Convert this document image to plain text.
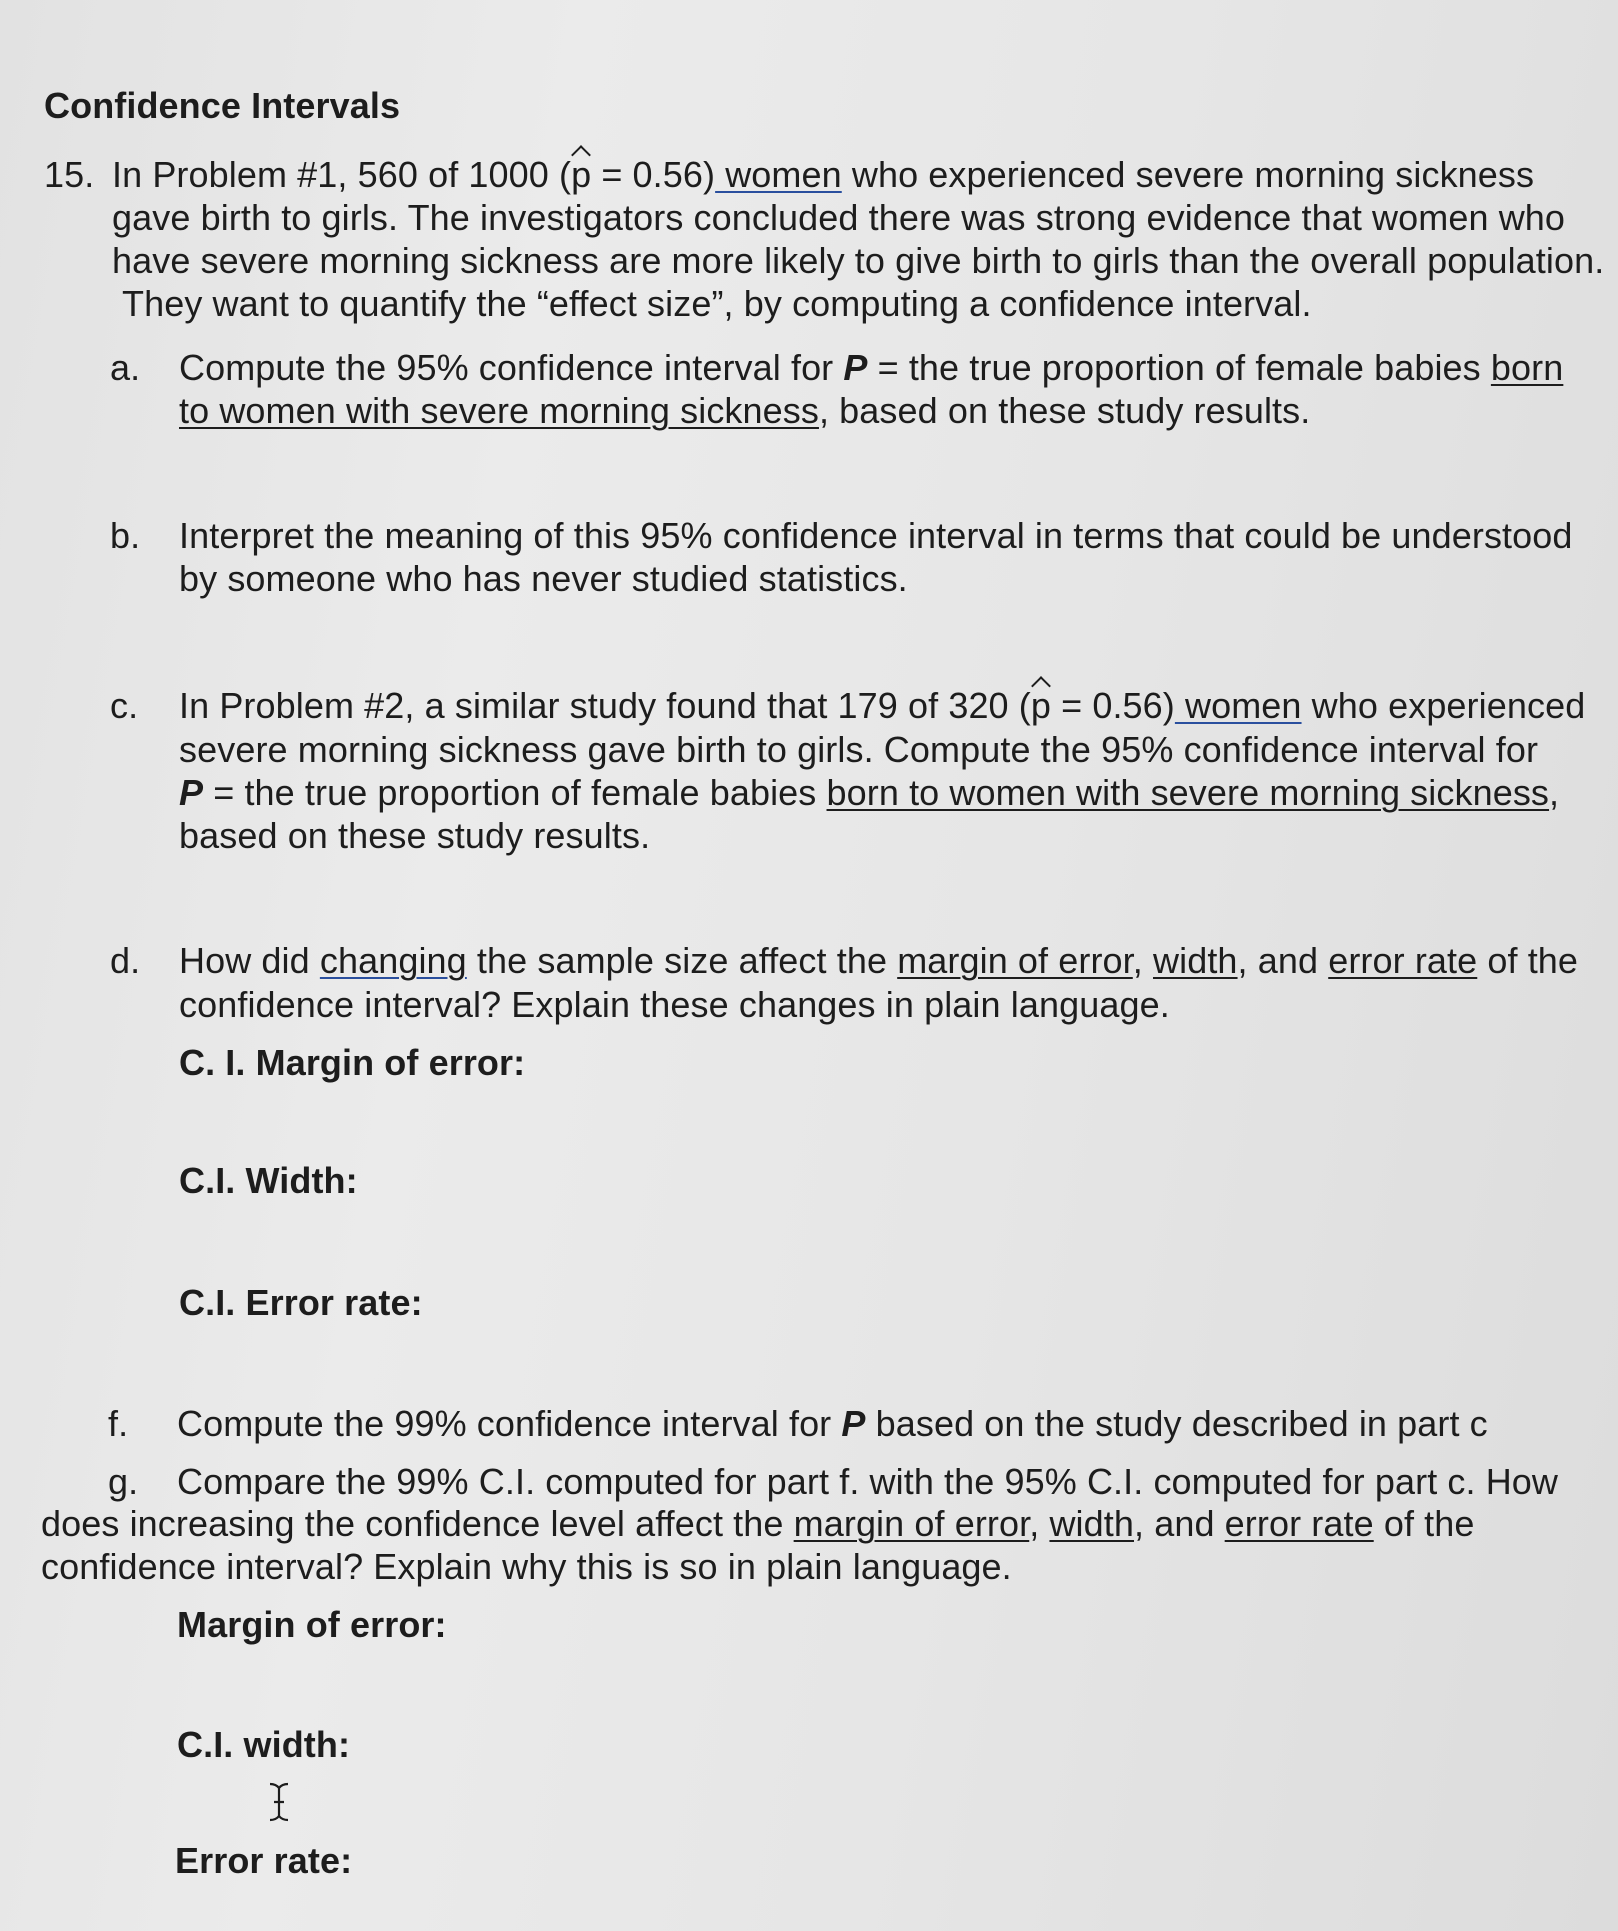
Confidence Intervals
15. In Problem #1, 560 of 1000 (p = 0.56) women who experienced severe morning sickness
gave birth to girls. The investigators concluded there was strong evidence that women who
have severe morning sickness are more likely to give birth to girls than the overall population.
They want to quantify the “effect size”, by computing a confidence interval.
a. Compute the 95% confidence interval for P = the true proportion of female babies born
to women with severe morning sickness, based on these study results.
b. Interpret the meaning of this 95% confidence interval in terms that could be understood
by someone who has never studied statistics.
c. In Problem #2, a similar study found that 179 of 320 (p = 0.56) women who experienced
severe morning sickness gave birth to girls. Compute the 95% confidence interval for
P = the true proportion of female babies born to women with severe morning sickness,
based on these study results.
d. How did changing the sample size affect the margin of error, width, and error rate of the
confidence interval? Explain these changes in plain language.
C. I. Margin of error:
C.I. Width:
C.I. Error rate:
f. Compute the 99% confidence interval for P based on the study described in part c
g. Compare the 99% C.I. computed for part f. with the 95% C.I. computed for part c. How
does increasing the confidence level affect the margin of error, width, and error rate of the
confidence interval? Explain why this is so in plain language.
Margin of error:
C.I. width:
Error rate:
